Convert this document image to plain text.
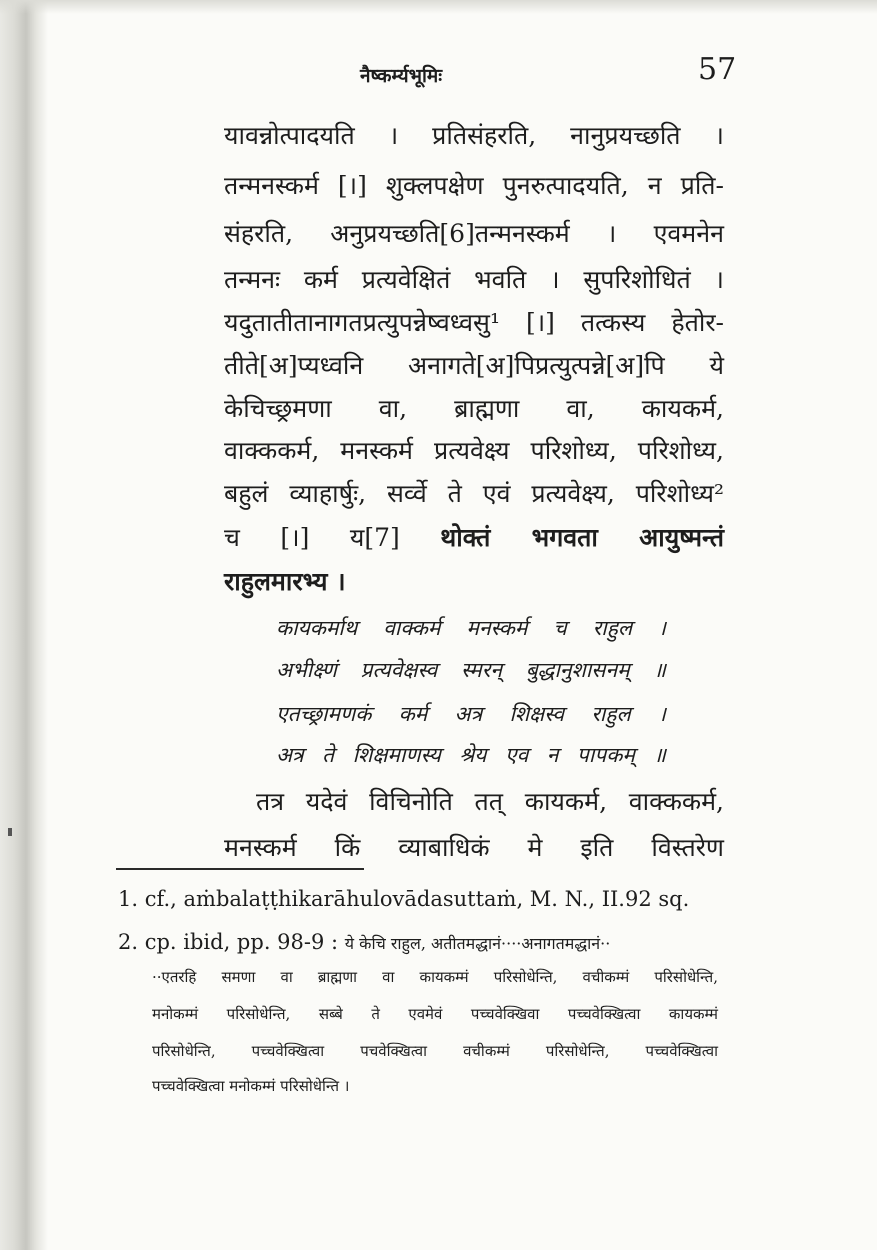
नैष्कर्म्यभूमिः	57
यावन्नोत्पादयति । प्रतिसंहरति, नानुप्रयच्छति ।
तन्मनस्कर्म [।] शुक्लपक्षेण पुनरुत्पादयति, न प्रति-
संहरति, अनुप्रयच्छति[6]तन्मनस्कर्म । एवमनेन
तन्मनः कर्म प्रत्यवेक्षितं भवति । सुपरिशोधितं ।
यदुतातीतानागतप्रत्युपन्नेष्वध्वसु¹ [।] तत्कस्य हेतोर-
तीते[अ]प्यध्वनि अनागते[अ]पिप्रत्युत्पन्ने[अ]पि ये
केचिच्छ्रमणा वा, ब्राह्मणा वा, कायकर्म,
वाक्ककर्म, मनस्कर्म प्रत्यवेक्ष्य परिशोध्य, परिशोध्य,
बहुलं व्याहार्षुः, सर्व्वे ते एवं प्रत्यवेक्ष्य, परिशोध्य²
च [।] य[7] थोक्तं भगवता आयुष्मन्तं
राहुलमारभ्य ।
कायकर्माथ वाक्कर्म मनस्कर्म च राहुल ।
अभीक्ष्णं प्रत्यवेक्षस्व स्मरन् बुद्धानुशासनम् ॥
एतच्छ्रामणकं कर्म अत्र शिक्षस्व राहुल ।
अत्र ते शिक्षमाणस्य श्रेय एव न पापकम् ॥
तत्र यदेवं विचिनोति तत् कायकर्म, वाक्ककर्म,
मनस्कर्म किं व्याबाधिकं मे इति विस्तरेण
1. cf., aṁbalaṭṭhikarāhulovādasuttaṁ, M. N., II.92 sq.
2. cp. ibid, pp. 98-9 : ये केचि राहुल, अतीतमद्धानं····अनागतमद्धानं··
··एतरहि समणा वा ब्राह्मणा वा कायकम्मं परिसोधेन्ति, वचीकम्मं परिसोधेन्ति,
मनोकम्मं परिसोधेन्ति, सब्बे ते एवमेवं पच्चवेक्खिवा पच्चवेक्खित्वा कायकम्मं
परिसोधेन्ति, पच्चवेक्खित्वा पचवेक्खित्वा वचीकम्मं परिसोधेन्ति, पच्चवेक्खित्वा
पच्चवेक्खित्वा मनोकम्मं परिसोधेन्ति ।
